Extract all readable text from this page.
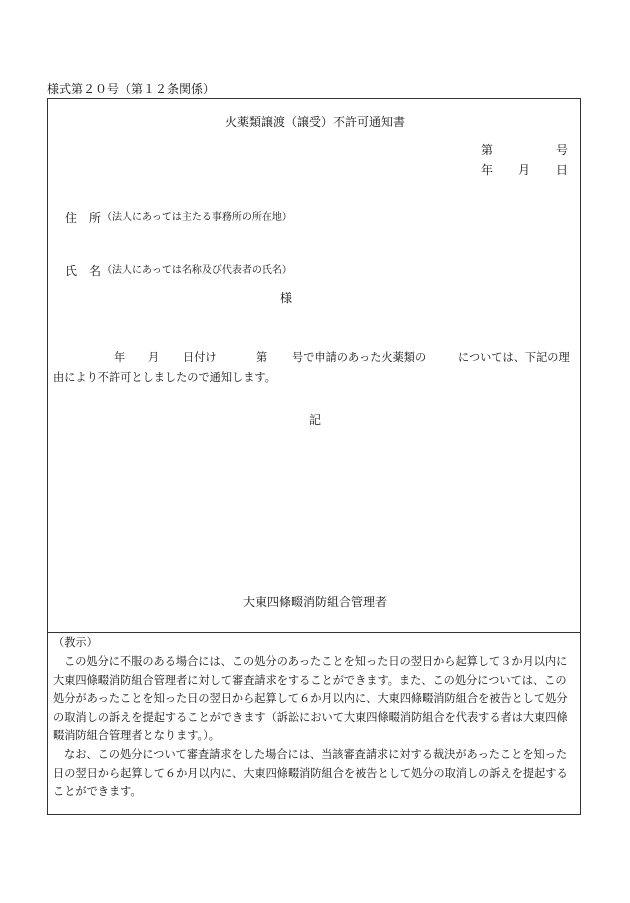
様式第２０号（第１２条関係）
火薬類譲渡（譲受）不許可通知書
第	号
年 月 日
住　所 （法人にあっては主たる事務所の所在地）
氏　名 （法人にあっては名称及び代表者の氏名）
様
年 月 日付け	第 号で申請のあった火薬類の	については、下記の理
由により不許可としましたので通知します。
記
大東四條畷消防組合管理者
（教示）
この処分に不服のある場合には、この処分のあったことを知った日の翌日から起算して３か月以内に大東四條畷消防組合管理者に対して審査請求をすることができます。また、この処分については、この処分があったことを知った日の翌日から起算して６か月以内に、大東四條畷消防組合を被告として処分の取消しの訴えを提起することができます（訴訟において大東四條畷消防組合を代表する者は大東四條畷消防組合管理者となります。）。
なお、この処分について審査請求をした場合には、当該審査請求に対する裁決があったことを知った日の翌日から起算して６か月以内に、大東四條畷消防組合を被告として処分の取消しの訴えを提起することができます。
